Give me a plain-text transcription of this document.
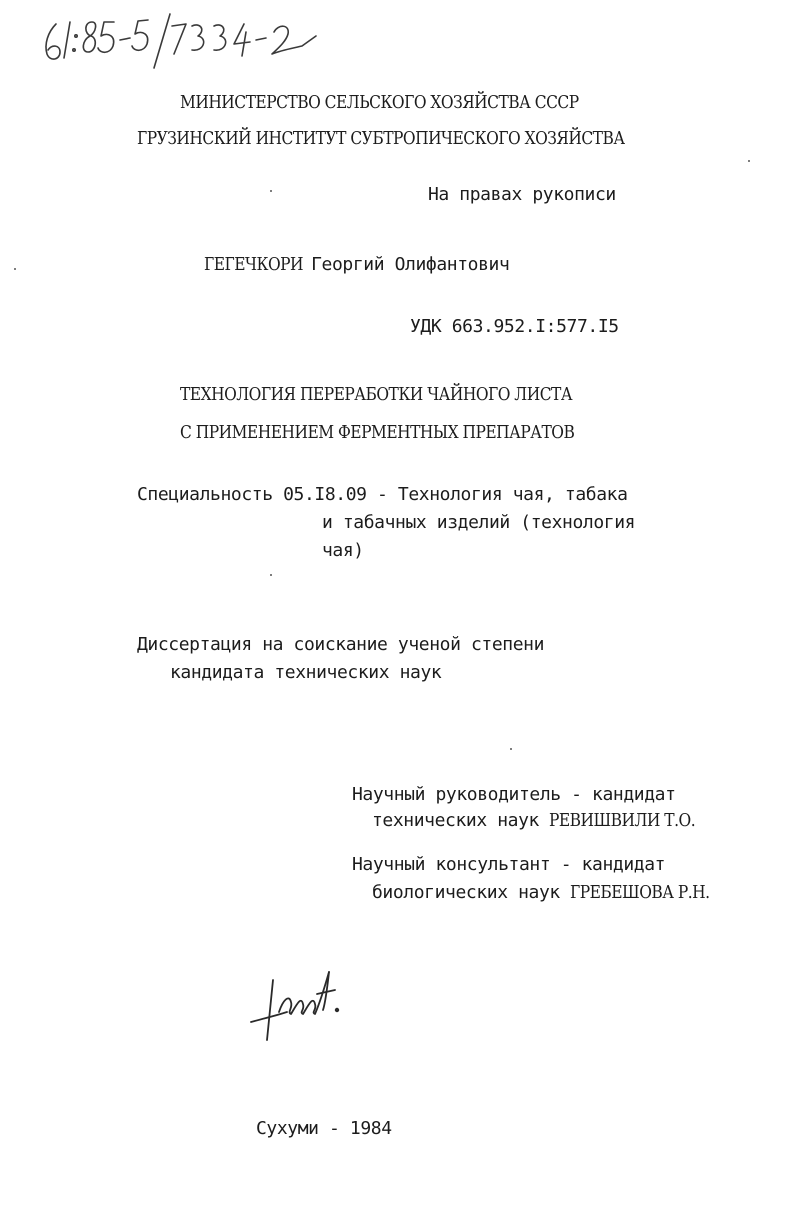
МИНИСТЕРСТВО СЕЛЬСКОГО ХОЗЯЙСТВА СССР
ГРУЗИНСКИЙ ИНСТИТУТ СУБТРОПИЧЕСКОГО ХОЗЯЙСТВА
На правах рукописи
ГЕГЕЧКОРИ Георгий Олифантович
УДК 663.952.I:577.I5
ТЕХНОЛОГИЯ ПЕРЕРАБОТКИ ЧАЙНОГО ЛИСТА
С ПРИМЕНЕНИЕМ ФЕРМЕНТНЫХ ПРЕПАРАТОВ
Специальность 05.I8.09 - Технология чая, табака
и табачных изделий (технология
чая)
Диссертация на соискание ученой степени
кандидата технических наук
Научный руководитель - кандидат
технических наук РЕВИШВИЛИ Т.О.
Научный консультант - кандидат
биологических наук ГРЕБЕШОВА Р.Н.
Сухуми - 1984
